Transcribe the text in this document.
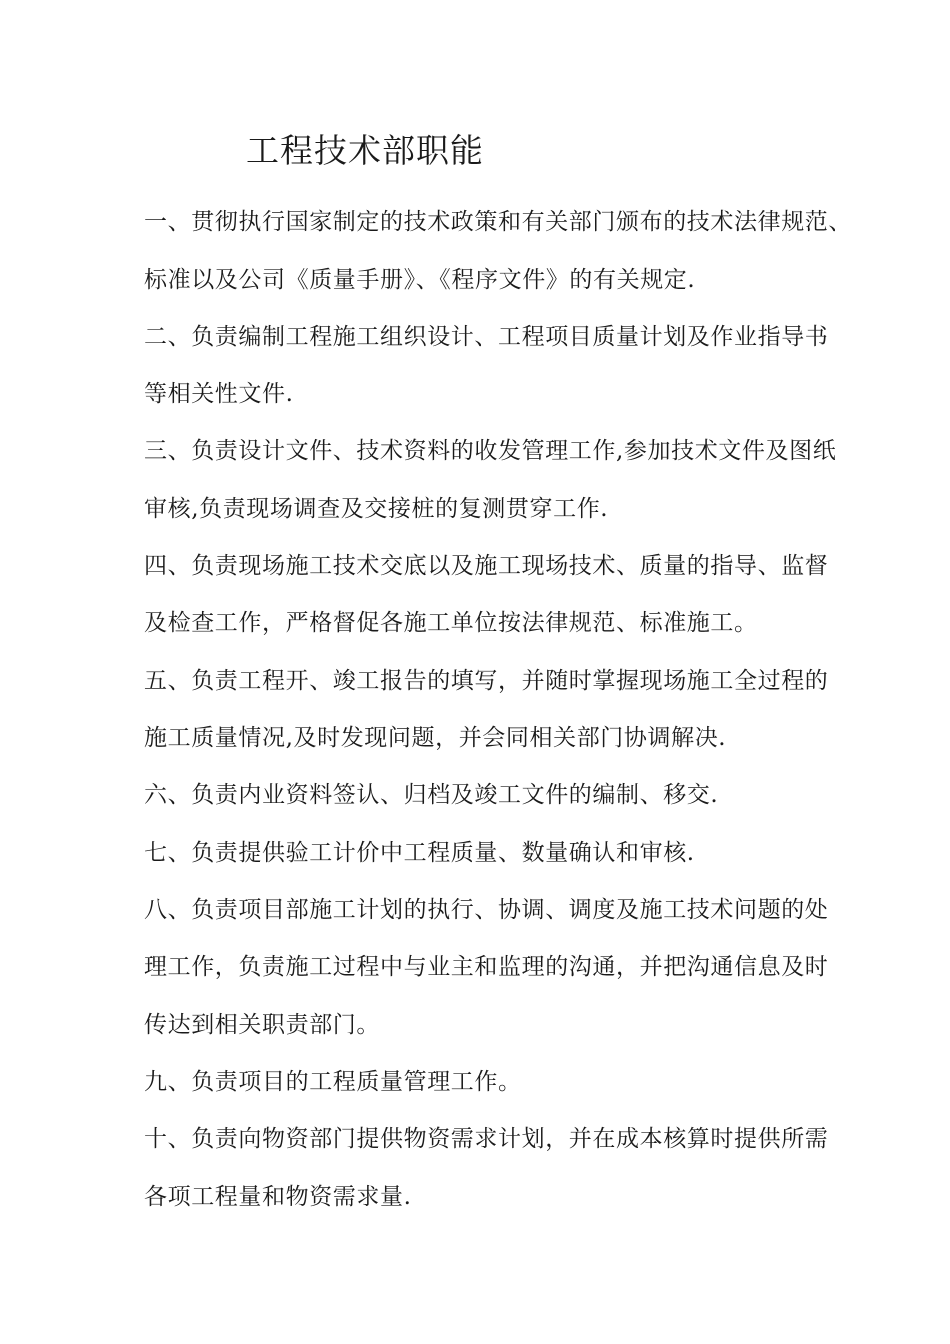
工程技术部职能
一、贯彻执行国家制定的技术政策和有关部门颁布的技术法律规范、
标准以及公司《质量手册》、《程序文件》的有关规定.
二、负责编制工程施工组织设计、工程项目质量计划及作业指导书
等相关性文件.
三、负责设计文件、技术资料的收发管理工作,参加技术文件及图纸
审核,负责现场调查及交接桩的复测贯穿工作.
四、负责现场施工技术交底以及施工现场技术、质量的指导、监督
及检查工作，严格督促各施工单位按法律规范、标准施工。
五、负责工程开、竣工报告的填写，并随时掌握现场施工全过程的
施工质量情况,及时发现问题，并会同相关部门协调解决.
六、负责内业资料签认、归档及竣工文件的编制、移交.
七、负责提供验工计价中工程质量、数量确认和审核.
八、负责项目部施工计划的执行、协调、调度及施工技术问题的处
理工作，负责施工过程中与业主和监理的沟通，并把沟通信息及时
传达到相关职责部门。
九、负责项目的工程质量管理工作。
十、负责向物资部门提供物资需求计划，并在成本核算时提供所需
各项工程量和物资需求量.
